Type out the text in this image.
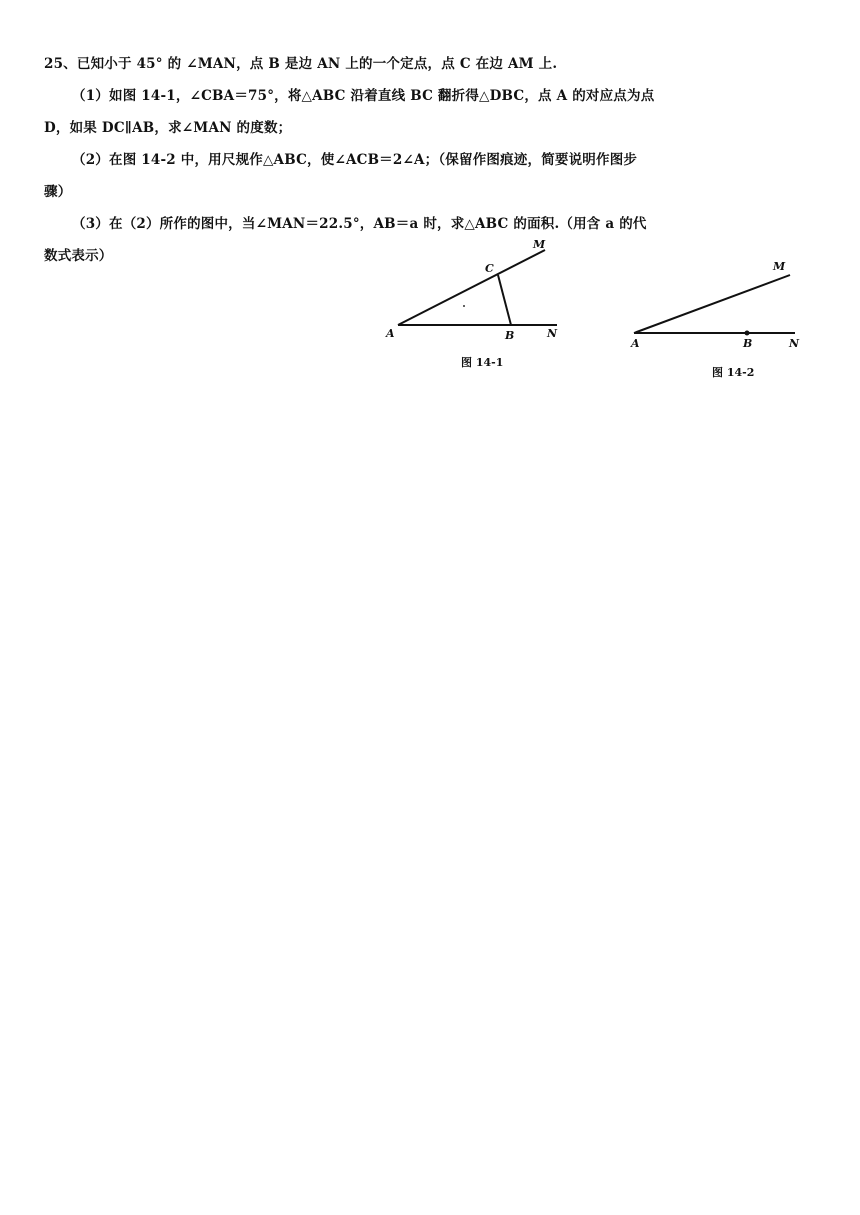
25、已知小于 45° 的 ∠MAN，点 B 是边 AN 上的一个定点，点 C 在边 AM 上.
（1）如图 14-1，∠CBA＝75°，将△ABC 沿着直线 BC 翻折得△DBC，点 A 的对应点为点
D，如果 DC∥AB，求∠MAN 的度数；
（2）在图 14-2 中，用尺规作△ABC，使∠ACB＝2∠A；（保留作图痕迹，简要说明作图步
骤）
（3）在（2）所作的图中，当∠MAN＝22.5°，AB＝a 时，求△ABC 的面积.（用含 a 的代
数式表示）
A	B
C
M
N
图 14-1
A	B
M
N
图 14-2
